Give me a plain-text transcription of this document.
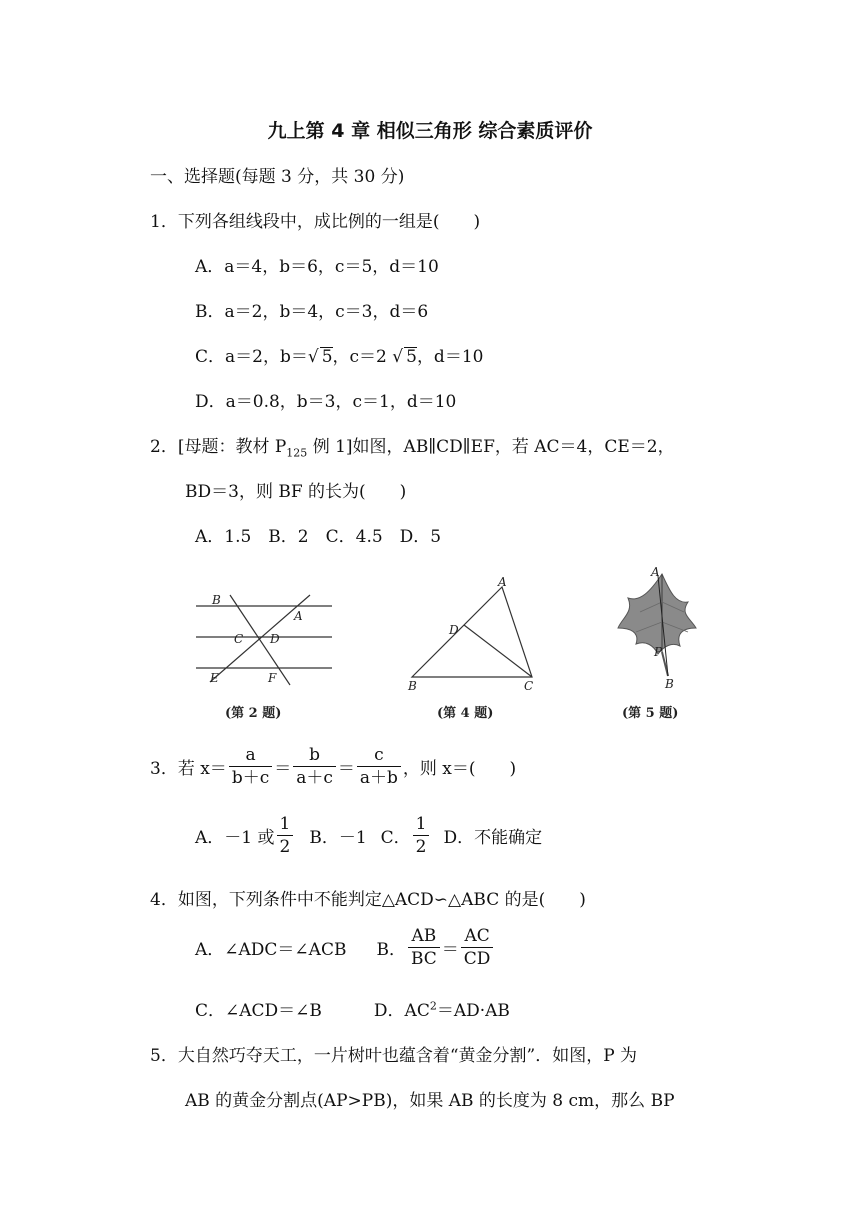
九上第 4 章 相似三角形 综合素质评价
一、选择题(每题 3 分，共 30 分)
1．下列各组线段中，成比例的一组是(　　)
A．a＝4，b＝6，c＝5，d＝10
B．a＝2，b＝4，c＝3，d＝6
C．a＝2，b＝√ 5，c＝2 √ 5，d＝10
D．a＝0.8，b＝3，c＝1，d＝10
2．[母题：教材 $P_{125}$ 例 1]如图，AB∥CD∥EF，若 AC＝4，CE＝2，
BD＝3，则 BF 的长为(　　)
A．1.5　B．2　C．4.5　D．5
B
A
C D
E	F
(第 2 题)
A
D
B	C
(第 4 题)
A
P
B
(第 5 题)
3．若 $x= \frac{a}{b+c} = \frac{b}{a+c} = \frac{c}{a+b}$ ，则 x＝(　　)
A．－1 或 $\frac{1}{2}$ B．－1 C． $\frac{1}{2}$ D．不能确定
4．如图，下列条件中不能判定△ACD∽△ABC 的是(　　)
A．∠ADC＝∠ACB B． $\frac{AB}{BC} = \frac{AC}{CD}$
C．∠ACD＝∠B	D．$AC^2=AD\cdot AB$
5．大自然巧夺天工，一片树叶也蕴含着“黄金分割”．如图，P 为
AB 的黄金分割点(AP>PB)，如果 AB 的长度为 8 cm，那么 BP
